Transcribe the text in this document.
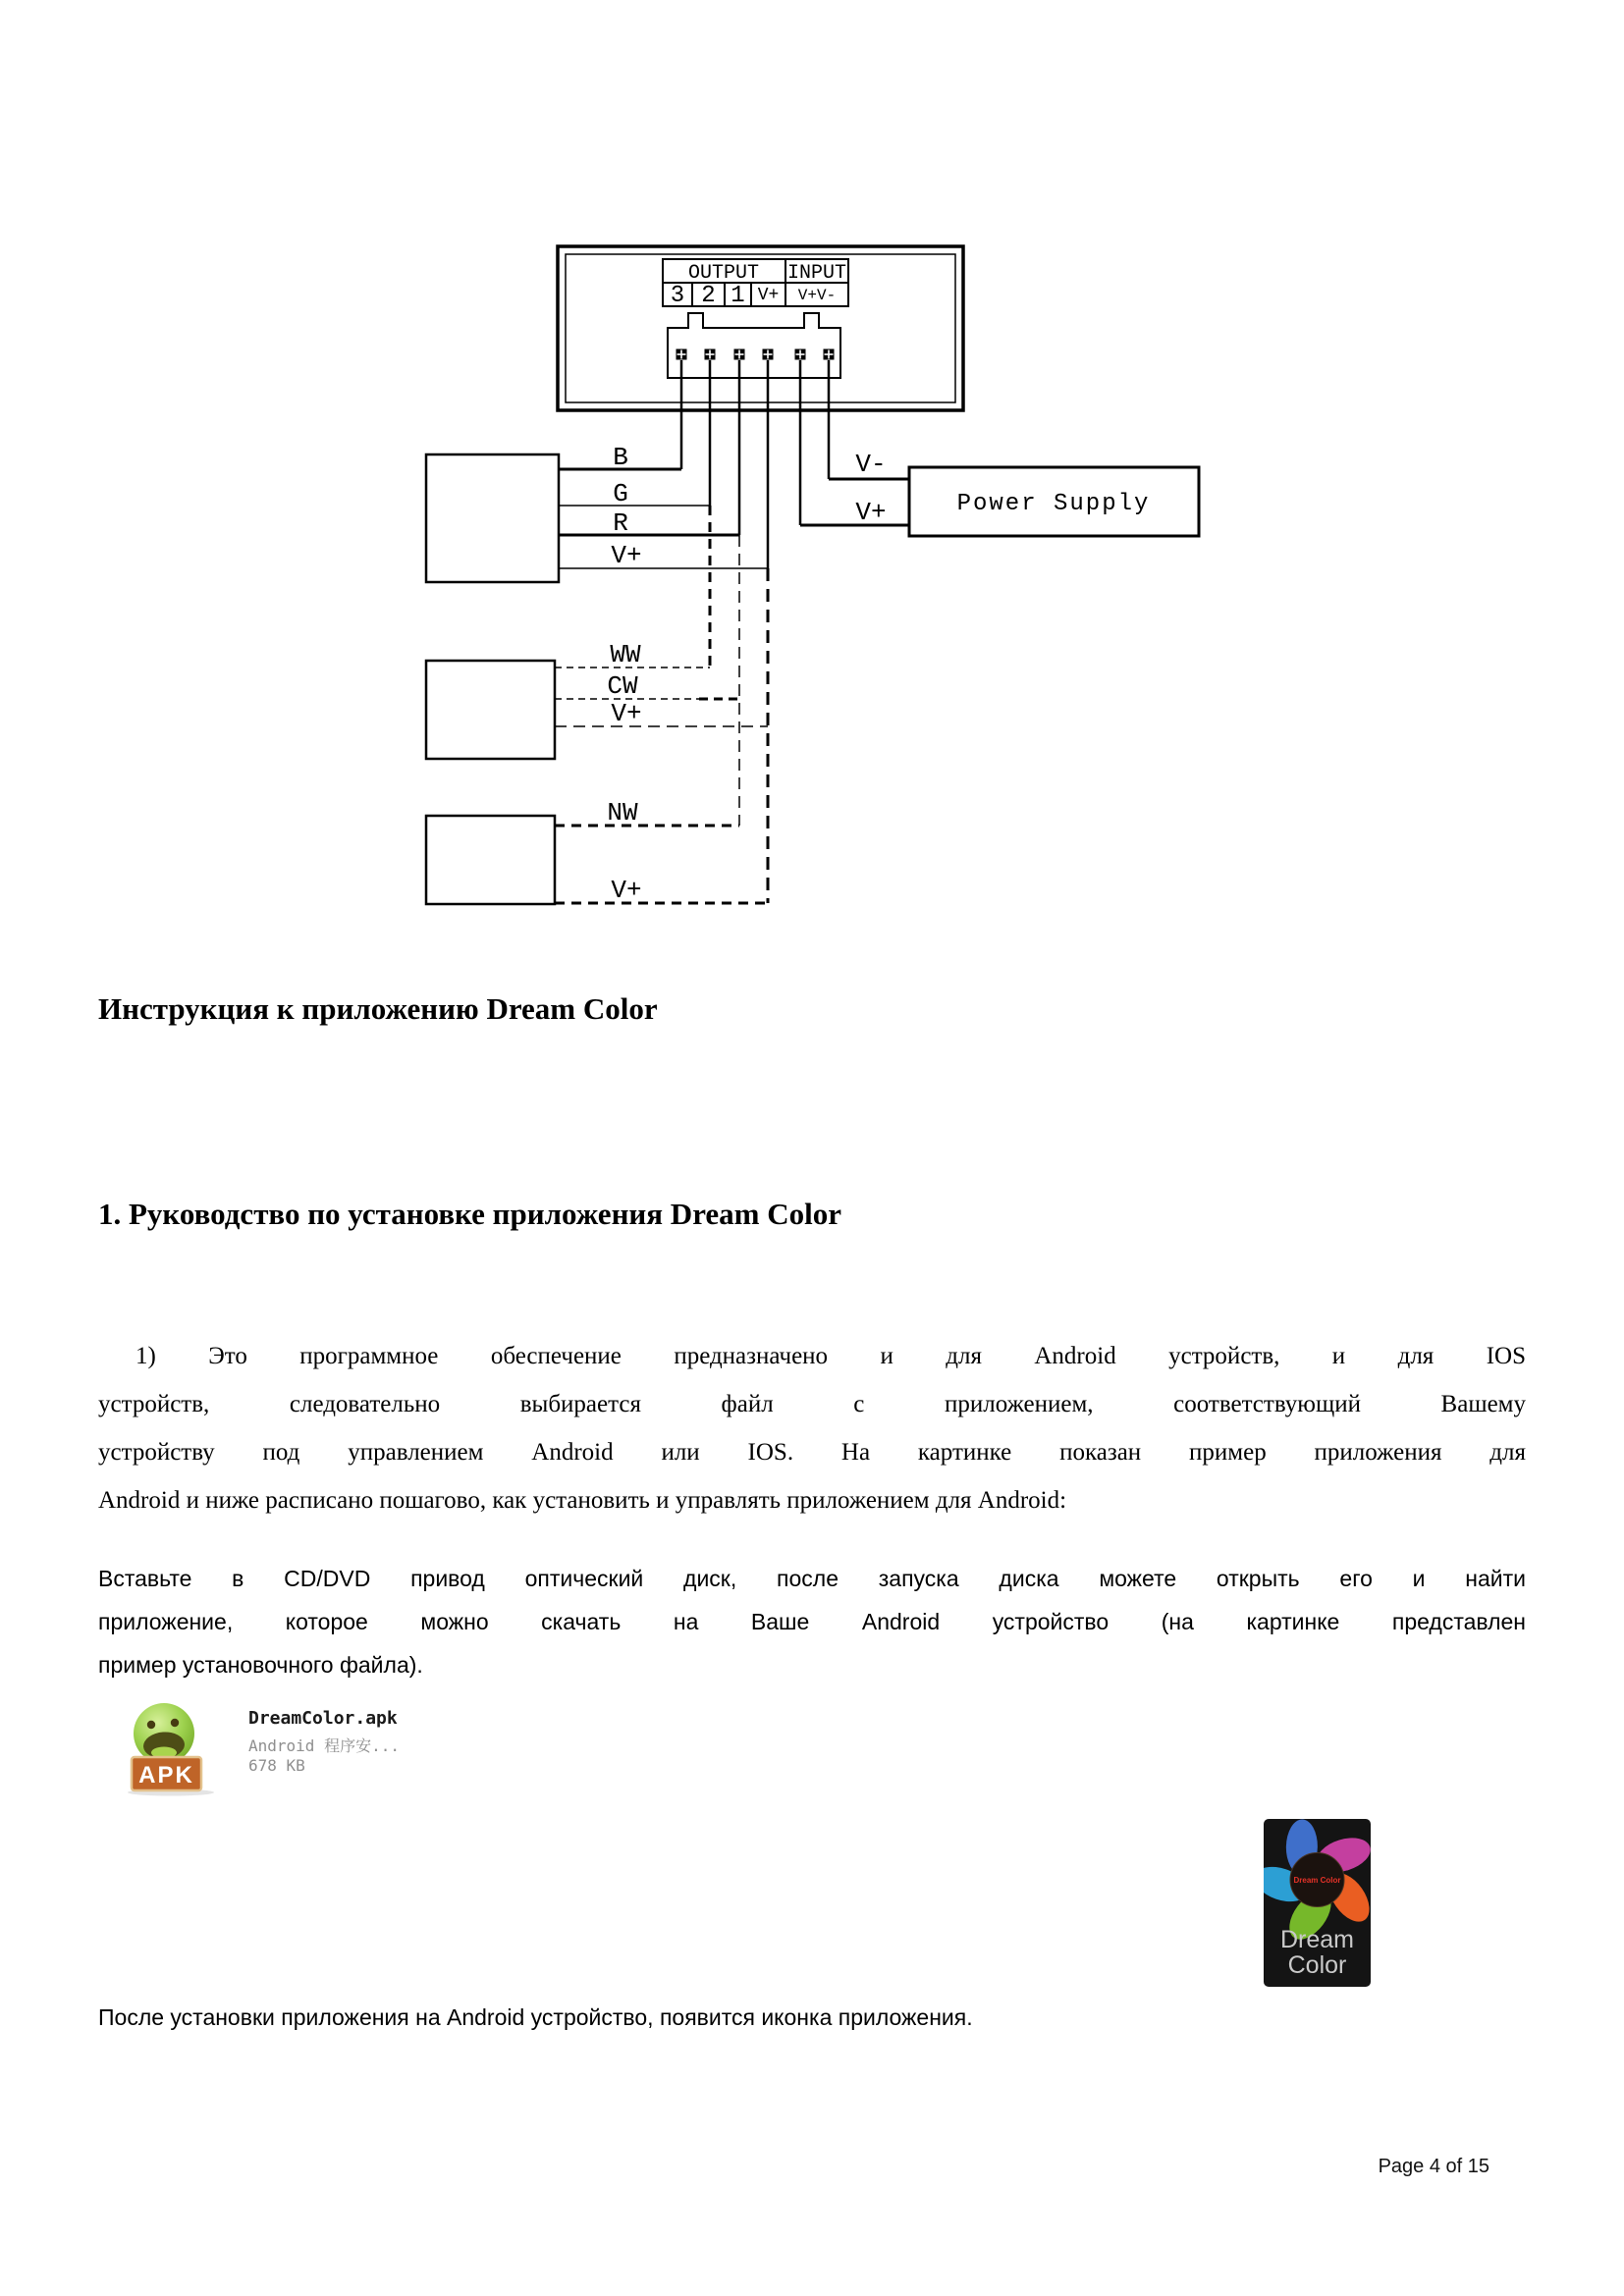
OUTPUT INPUT
3 2 1 V+ V+V-
B
G
R
V+
WW
CW
V+
NW
V+
Power Supply
V-
V+
Инструкция к приложению Dream Color
1. Руководство по установке приложения Dream Color
1) Это программное обеспечение предназначено и для Android устройств, и для IOS
устройств, следовательно выбирается файл с приложением, соответствующий Вашему
устройству под управлением Android или IOS. На картинке показан пример приложения для
Android и ниже расписано пошагово, как установить и управлять приложением для Android:
Вставьте в CD/DVD привод оптический диск, после запуска диска можете открыть его и найти
приложение, которое можно скачать на Ваше Android устройство (на картинке представлен
пример установочного файла).
APK
DreamColor.apk
Android 程序安...
678 KB
Dream Color
Dream
Color
После установки приложения на Android устройство, появится иконка приложения.
Page 4 of 15
